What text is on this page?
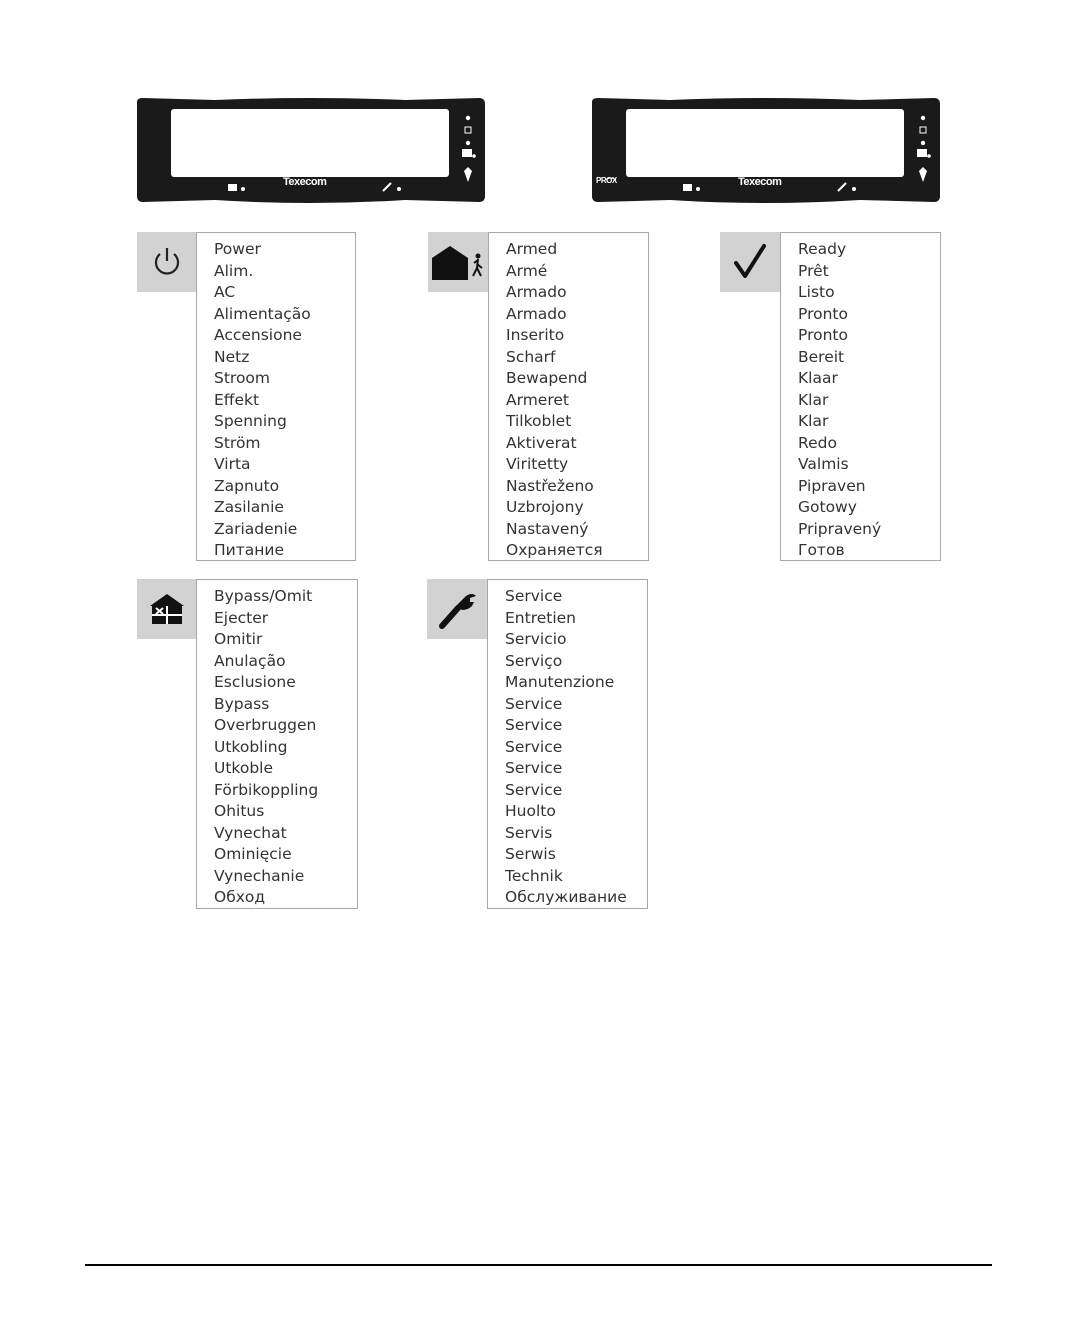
Texecom	PROX	Texecom
Power
Alim.
AC
Alimentação
Accensione
Netz
Stroom
Effekt
Spenning
Ström
Virta
Zapnuto
Zasilanie
Zariadenie
Питание
Armed
Armé
Armado
Armado
Inserito
Scharf
Bewapend
Armeret
Tilkoblet
Aktiverat
Viritetty
Nastřeženo
Uzbrojony
Nastavený
Охраняется
Ready
Prêt
Listo
Pronto
Pronto
Bereit
Klaar
Klar
Klar
Redo
Valmis
Pipraven
Gotowy
Pripravený
Готов
Bypass/Omit
Ejecter
Omitir
Anulação
Esclusione
Bypass
Overbruggen
Utkobling
Utkoble
Förbikoppling
Ohitus
Vynechat
Ominięcie
Vynechanie
Обход
Service
Entretien
Servicio
Serviço
Manutenzione
Service
Service
Service
Service
Service
Huolto
Servis
Serwis
Technik
Обслуживание
